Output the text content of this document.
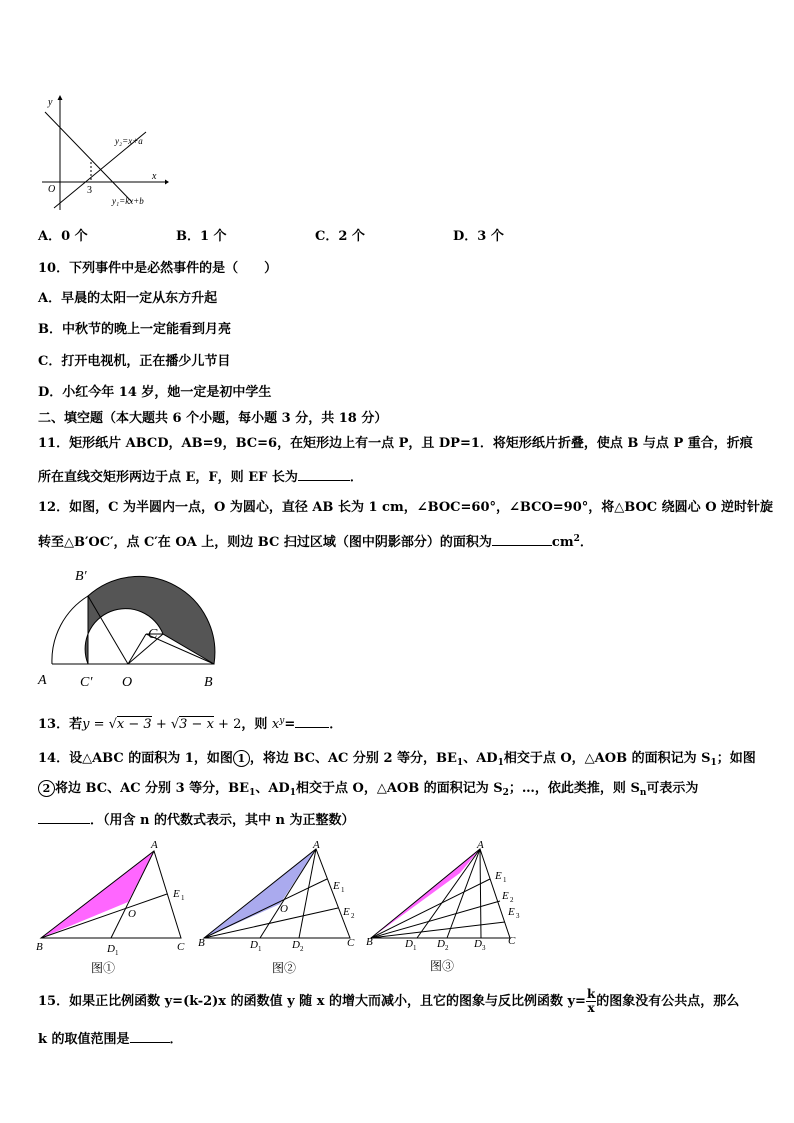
y
x
O	3
y₂=x+a
y₁=kx+b
A．0 个	B．1 个	C．2 个	D．3 个
10．下列事件中是必然事件的是（　　）
A．早晨的太阳一定从东方升起
B．中秋节的晚上一定能看到月亮
C．打开电视机，正在播少儿节目
D．小红今年 14 岁，她一定是初中学生
二、填空题（本大题共 6 个小题，每小题 3 分，共 18 分）
11．矩形纸片 ABCD，AB=9，BC=6，在矩形边上有一点 P，且 DP=1．将矩形纸片折叠，使点 B 与点 P 重合，折痕
所在直线交矩形两边于点 E，F，则 EF 长为	．
12．如图，C 为半圆内一点，O 为圆心，直径 AB 长为 1 cm，∠BOC=60°，∠BCO=90°，将△BOC 绕圆心 O 逆时针旋
转至△B′OC′，点 C′在 OA 上，则边 BC 扫过区域（图中阴影部分）的面积为	$cm^2$．
B′
C
A C′ O	B
13．若y = √x − 3 + √3 − x + 2，则 $x^y=$	．
14．设△ABC 的面积为 1，如图 1 ，将边 BC、AC 分别 2 等分，$BE_1$、$AD_1$相交于点 O，△AOB 的面积记为 $S_1$；如图
2 将边 BC、AC 分别 3 等分，$BE_1$、$AD_1$相交于点 O，△AOB 的面积记为 $S_2$；…，依此类推，则 $S_n$可表示为
．（用含 n 的代数式表示，其中 n 为正整数）
A
B	C
O
E 1
D 1
图①
A
B	C
O
E 1
E 2
D 1	D 2
图②
A
B	C
E 1
E 2
E 3
D 1 D 2 D 3
图③
15．如果正比例函数 y=(k-2)x 的函数值 y 随 x 的增大而减小，且它的图象与反比例函数 $y= \frac{k}{x}$ 的图象没有公共点，那么
k 的取值范围是	．
